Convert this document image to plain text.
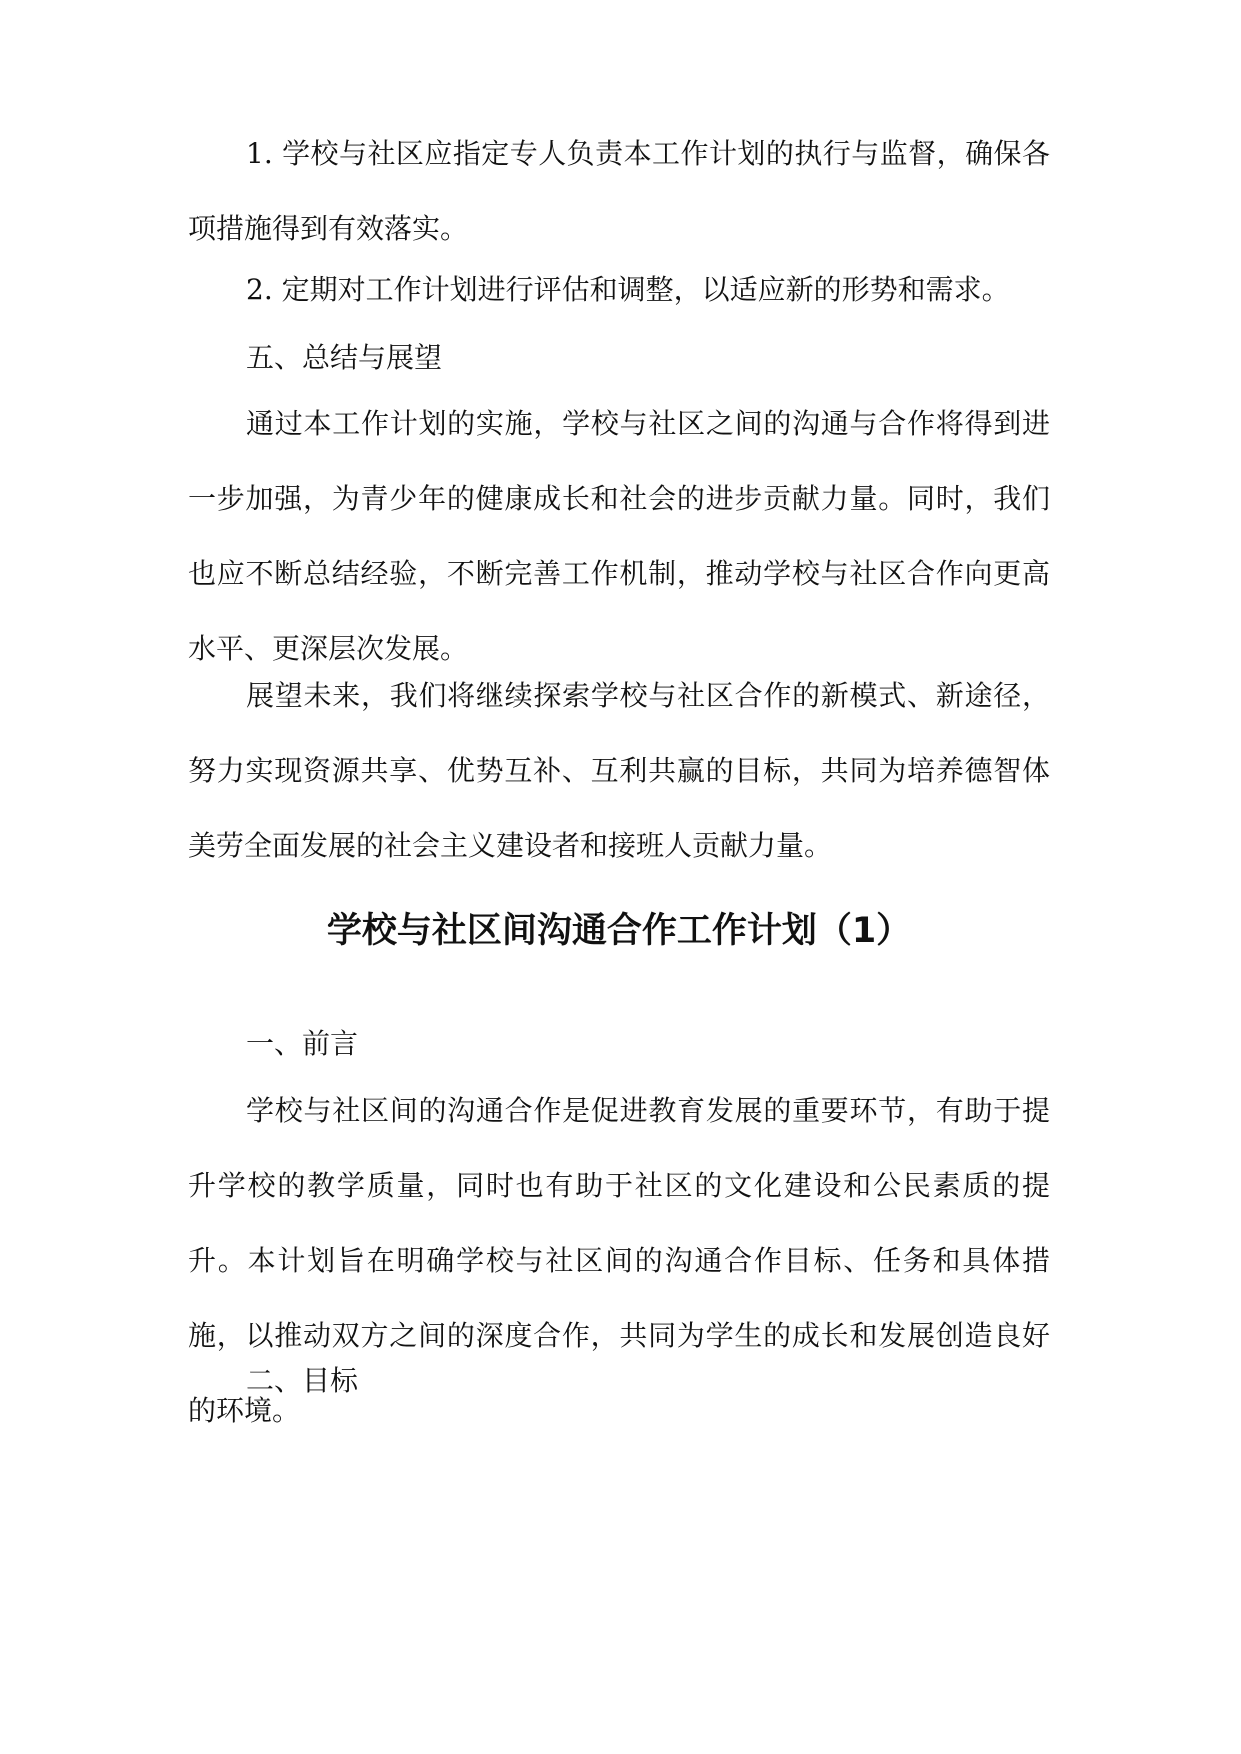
1. 学校与社区应指定专人负责本工作计划的执行与监督，确保各项措施得到有效落实。

2. 定期对工作计划进行评估和调整，以适应新的形势和需求。

五、总结与展望

通过本工作计划的实施，学校与社区之间的沟通与合作将得到进一步加强，为青少年的健康成长和社会的进步贡献力量。同时，我们也应不断总结经验，不断完善工作机制，推动学校与社区合作向更高水平、更深层次发展。

展望未来，我们将继续探索学校与社区合作的新模式、新途径，努力实现资源共享、优势互补、互利共赢的目标，共同为培养德智体美劳全面发展的社会主义建设者和接班人贡献力量。

学校与社区间沟通合作工作计划（1）

一、前言

学校与社区间的沟通合作是促进教育发展的重要环节，有助于提升学校的教学质量，同时也有助于社区的文化建设和公民素质的提升。本计划旨在明确学校与社区间的沟通合作目标、任务和具体措施，以推动双方之间的深度合作，共同为学生的成长和发展创造良好的环境。

二、目标
